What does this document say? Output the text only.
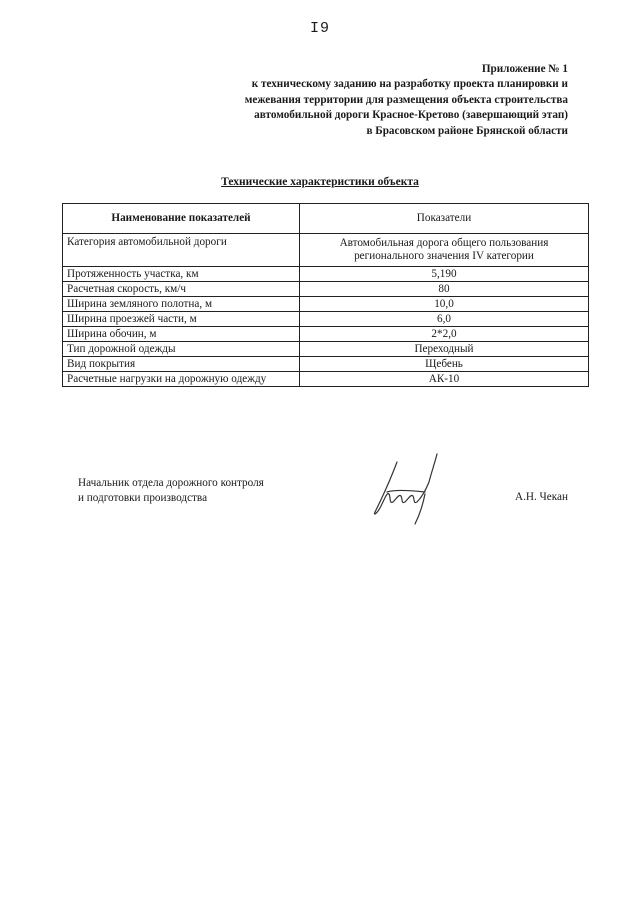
I9
Приложение № 1
к техническому заданию на разработку проекта планировки и
межевания территории для размещения объекта строительства
автомобильной дороги Красное-Кретово (завершающий этап)
в Брасовском районе Брянской области
Технические характеристики объекта
Наименование показателей	Показатели
Категория автомобильной дороги	Автомобильная дорога общего пользования
регионального значения IV категории

Протяженность участка, км	5,190
Расчетная скорость, км/ч	80
Ширина земляного полотна, м	10,0
Ширина проезжей части, м	6,0
Ширина обочин, м	2*2,0
Тип дорожной одежды	Переходный
Вид покрытия	Щебень
Расчетные нагрузки на дорожную одежду	АК-10
Начальник отдела дорожного контроля
и подготовки производства	А.Н. Чекан
